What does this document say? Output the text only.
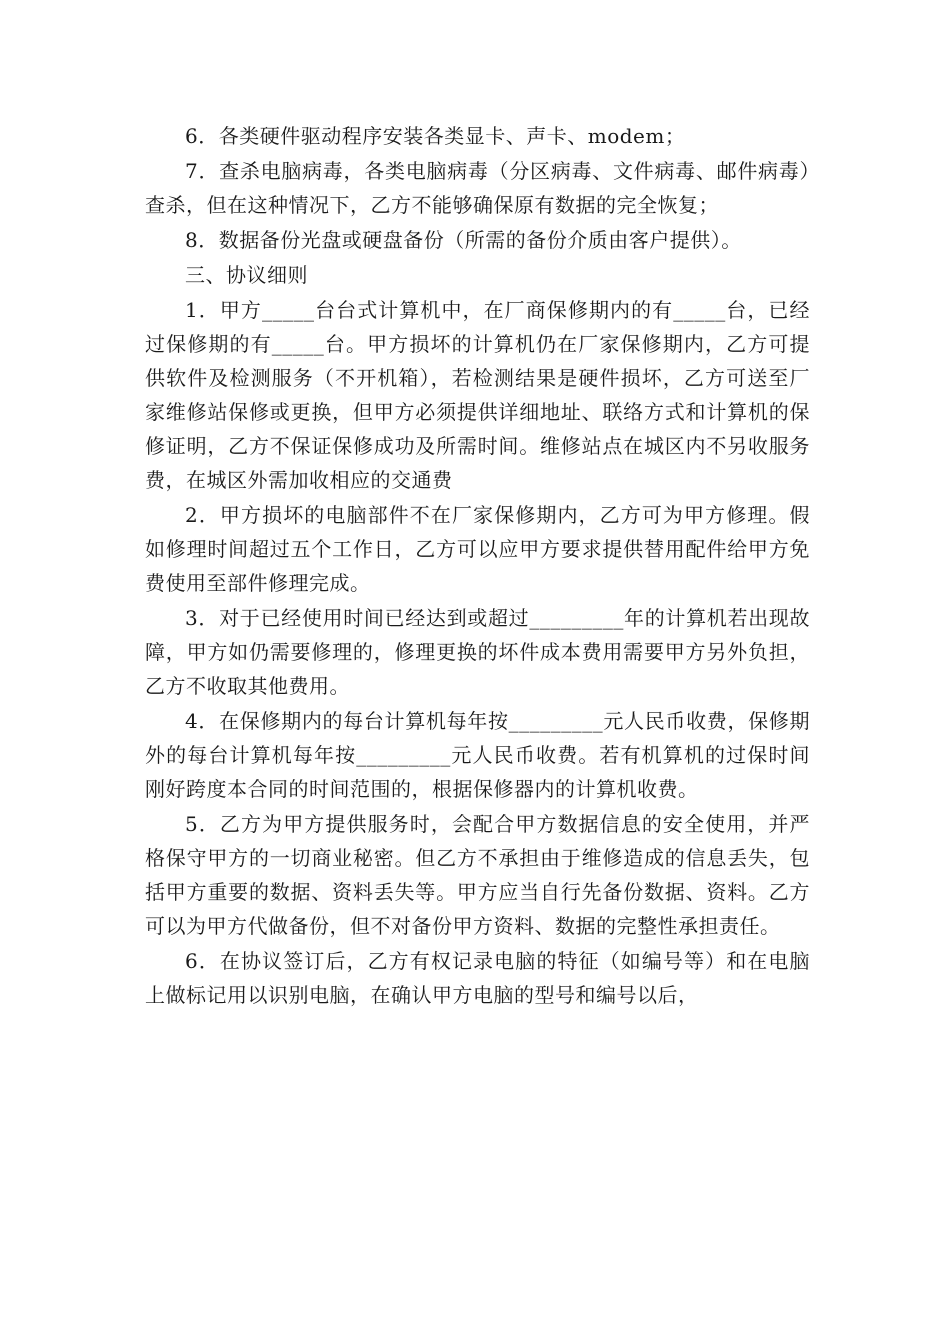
6．各类硬件驱动程序安装各类显卡、声卡、modem；

7．查杀电脑病毒，各类电脑病毒（分区病毒、文件病毒、邮件病毒）查杀，但在这种情况下，乙方不能够确保原有数据的完全恢复；

8．数据备份光盘或硬盘备份（所需的备份介质由客户提供）。

三、协议细则

1．甲方_____台台式计算机中，在厂商保修期内的有_____台，已经过保修期的有_____台。甲方损坏的计算机仍在厂家保修期内，乙方可提供软件及检测服务（不开机箱），若检测结果是硬件损坏，乙方可送至厂家维修站保修或更换，但甲方必须提供详细地址、联络方式和计算机的保修证明，乙方不保证保修成功及所需时间。维修站点在城区内不另收服务费，在城区外需加收相应的交通费

2．甲方损坏的电脑部件不在厂家保修期内，乙方可为甲方修理。假如修理时间超过五个工作日，乙方可以应甲方要求提供替用配件给甲方免费使用至部件修理完成。

3．对于已经使用时间已经达到或超过_________年的计算机若出现故障，甲方如仍需要修理的，修理更换的坏件成本费用需要甲方另外负担，乙方不收取其他费用。

4．在保修期内的每台计算机每年按_________元人民币收费，保修期外的每台计算机每年按_________元人民币收费。若有机算机的过保时间刚好跨度本合同的时间范围的，根据保修器内的计算机收费。

5．乙方为甲方提供服务时，会配合甲方数据信息的安全使用，并严格保守甲方的一切商业秘密。但乙方不承担由于维修造成的信息丢失，包括甲方重要的数据、资料丢失等。甲方应当自行先备份数据、资料。乙方可以为甲方代做备份，但不对备份甲方资料、数据的完整性承担责任。

6．在协议签订后，乙方有权记录电脑的特征（如编号等）和在电脑上做标记用以识别电脑，在确认甲方电脑的型号和编号以后，
